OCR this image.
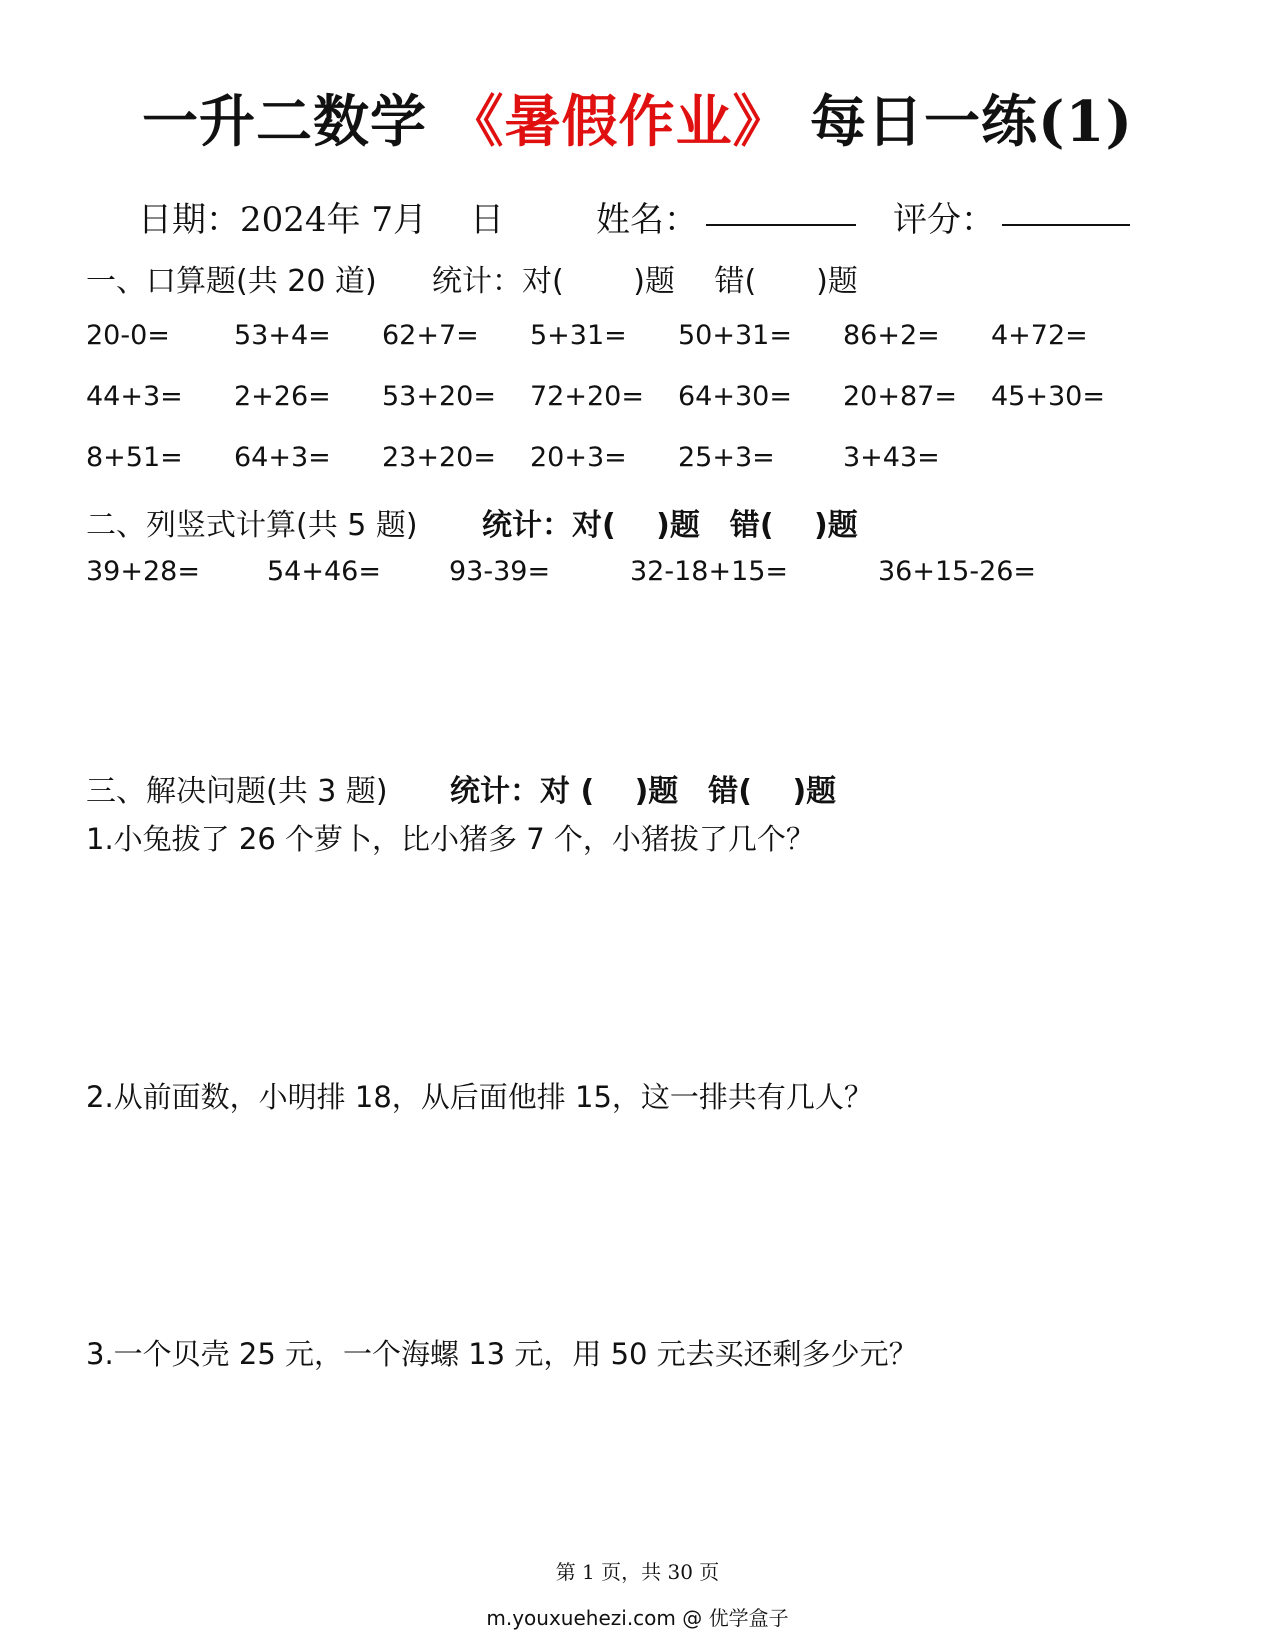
一升二数学 《暑假作业》 每日一练(1)
日期：2024年 7月 日	姓名：	评分：
一、口算题(共 20 道) 统计：对(　　 )题　 错(　　)题
20-0= 53+4= 62+7= 5+31= 50+31= 86+2= 4+72=
44+3= 2+26= 53+20= 72+20= 64+30= 20+87= 45+30=
8+51= 64+3= 23+20= 20+3= 25+3=	3+43=
二、列竖式计算(共 5 题) 统计：对(　 )题　错(　 )题
39+28= 54+46=	93-39=	32-18+15=	36+15-26=
三、解决问题(共 3 题) 统计：对 (　 )题　错(　 )题
1.小兔拔了 26 个萝卜，比小猪多 7 个，小猪拔了几个？
2.从前面数，小明排 18，从后面他排 15，这一排共有几人？
3.一个贝壳 25 元，一个海螺 13 元，用 50 元去买还剩多少元？
第 1 页，共 30 页
m.youxuehezi.com @ 优学盒子
